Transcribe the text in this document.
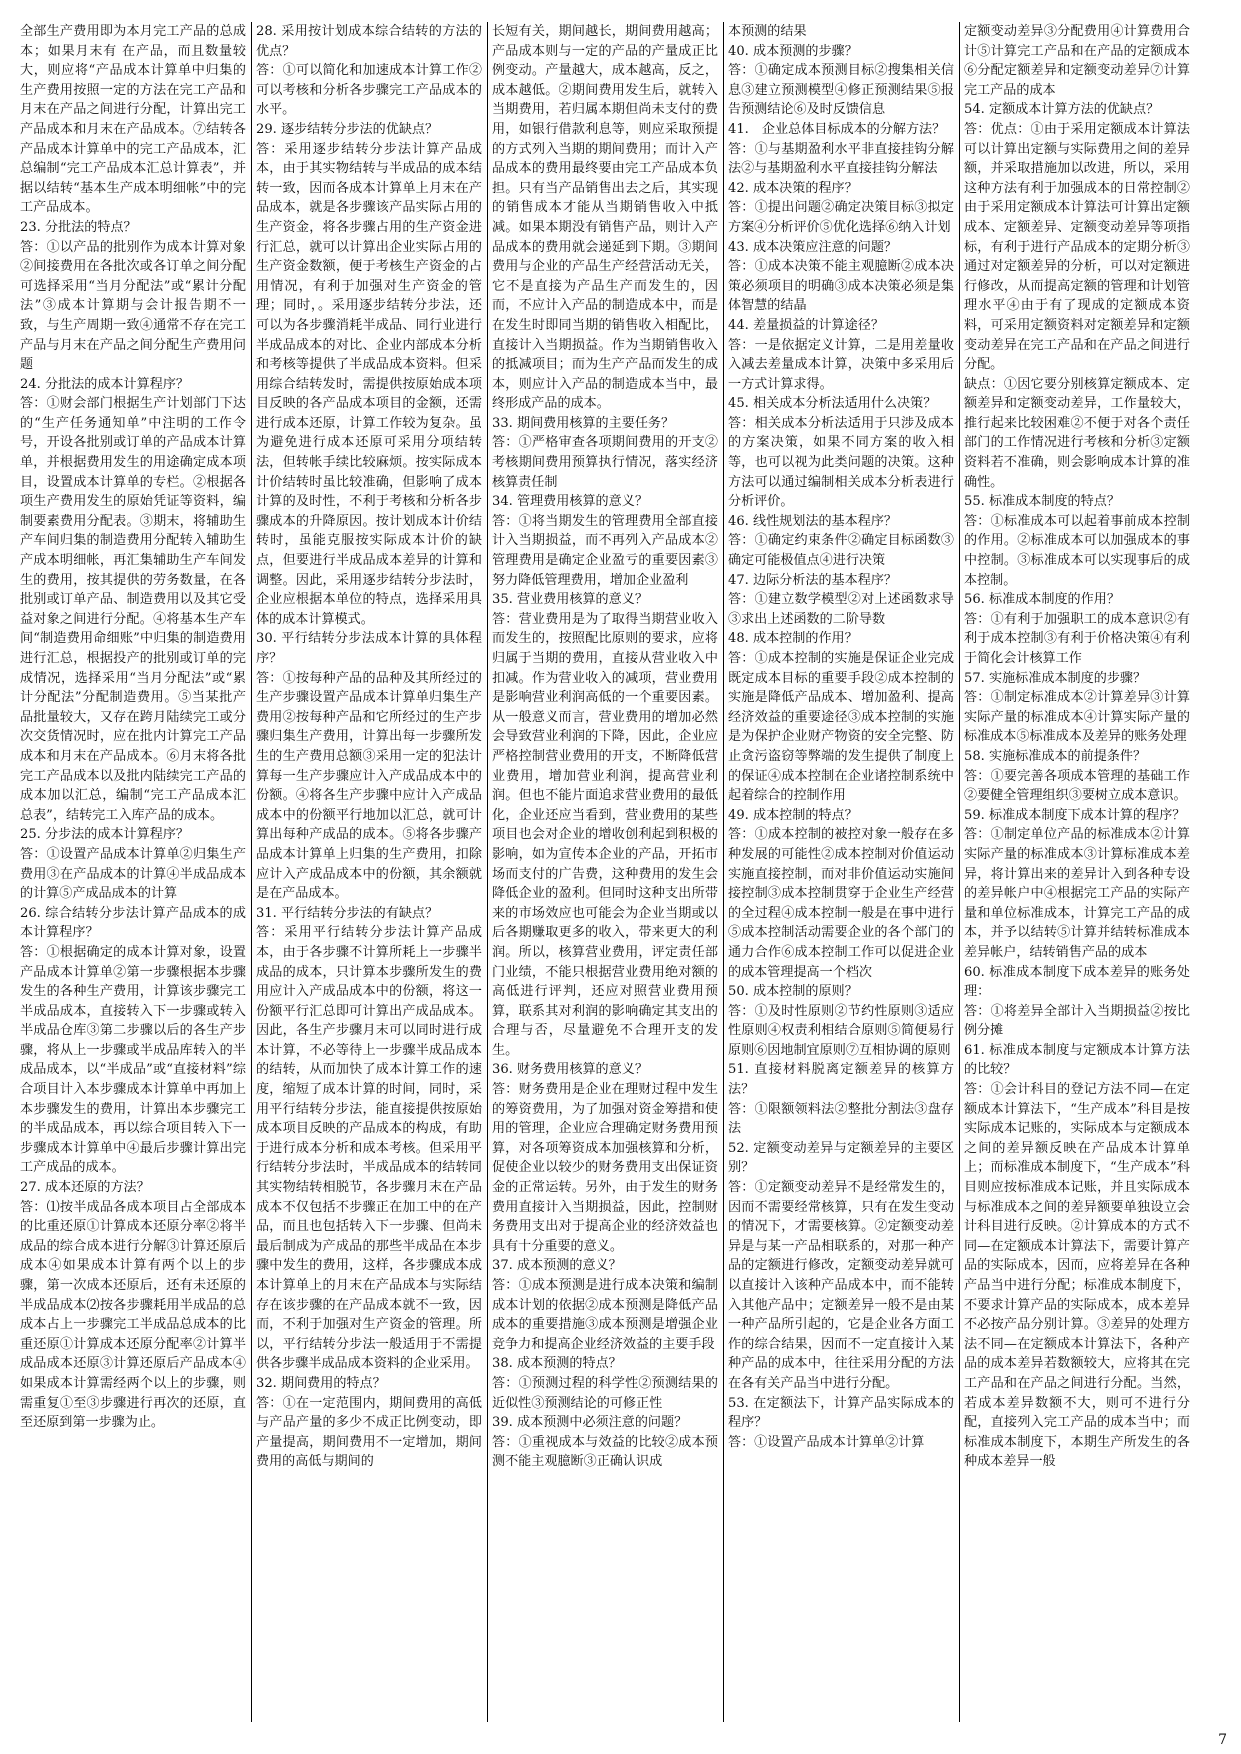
全部生产费用即为本月完工产品的总成本；如果月末有 在产品，而且数量较大，则应将“产品成本计算单中归集的生产费用按照一定的方法在完工产品和月末在产品之间进行分配，计算出完工产品成本和月末在产品成本。⑦结转各产品成本计算单中的完工产品成本，汇总编制“完工产品成本汇总计算表”，并据以结转“基本生产成本明细帐”中的完工产品成本。

23. 分批法的特点？

答：①以产品的批别作为成本计算对象②间接费用在各批次或各订单之间分配可选择采用“当月分配法”或“累计分配法”③成本计算期与会计报告期不一致，与生产周期一致④通常不存在完工产品与月末在产品之间分配生产费用问题

24. 分批法的成本计算程序？

答：①财会部门根据生产计划部门下达的“生产任务通知单”中注明的工作令号，开设各批别或订单的产品成本计算单，并根据费用发生的用途确定成本项目，设置成本计算单的专栏。②根据各项生产费用发生的原始凭证等资料，编制要素费用分配表。③期末，将辅助生产车间归集的制造费用分配转入辅助生产成本明细帐，再汇集辅助生产车间发生的费用，按其提供的劳务数量，在各批别或订单产品、制造费用以及其它受益对象之间进行分配。④将基本生产车间“制造费用命细账”中归集的制造费用进行汇总，根据投产的批别或订单的完成情况，选择采用“当月分配法”或“累计分配法”分配制造费用。⑤当某批产品批量较大，又存在跨月陆续完工或分次交货情况时，应在批内计算完工产品成本和月末在产品成本。⑥月末将各批完工产品成本以及批内陆续完工产品的成本加以汇总，编制“完工产品成本汇总表”，结转完工入库产品的成本。

25. 分步法的成本计算程序？

答：①设置产品成本计算单②归集生产费用③在产品成本的计算④半成品成本的计算⑤产成品成本的计算

26. 综合结转分步法计算产品成本的成本计算程序？

答：①根据确定的成本计算对象，设置产品成本计算单②第一步骤根据本步骤发生的各种生产费用，计算该步骤完工半成品成本，直接转入下一步骤或转入半成品仓库③第二步骤以后的各生产步骤，将从上一步骤或半成品库转入的半成品成本，以“半成品”或“直接材料”综合项目计入本步骤成本计算单中再加上本步骤发生的费用，计算出本步骤完工的半成品成本，再以综合项目转入下一步骤成本计算单中④最后步骤计算出完工产成品的成本。

27. 成本还原的方法？

答：⑴按半成品各成本项目占全部成本的比重还原①计算成本还原分率②将半成品的综合成本进行分解③计算还原后成本④如果成本计算有两个以上的步骤，第一次成本还原后，还有未还原的半成品成本⑵按各步骤耗用半成品的总成本占上一步骤完工半成品总成本的比重还原①计算成本还原分配率②计算半成品成本还原③计算还原后产品成本④如果成本计算需经两个以上的步骤，则需重复①至③步骤进行再次的还原，直至还原到第一步骤为止。

28. 采用按计划成本综合结转的方法的优点？

答：①可以简化和加速成本计算工作②可以考核和分析各步骤完工产品成本的水平。

29. 逐步结转分步法的优缺点？

答：采用逐步结转分步法计算产品成本，由于其实物结转与半成品的成本结转一致，因而各成本计算单上月末在产品成本，就是各步骤该产品实际占用的生产资金，将各步骤占用的生产资金进行汇总，就可以计算出企业实际占用的生产资金数额，便于考核生产资金的占用情况，有利于加强对生产资金的管理；同时，。采用逐步结转分步法，还可以为各步骤消耗半成品、同行业进行半成品成本的对比、企业内部成本分析和考核等提供了半成品成本资料。但采用综合结转发时，需提供按原始成本项目反映的各产品成本项目的金额，还需进行成本还原，计算工作较为复杂。虽为避免进行成本还原可采用分项结转法，但转帐手续比较麻烦。按实际成本计价结转时虽比较准确，但影响了成本计算的及时性，不利于考核和分析各步骤成本的升降原因。按计划成本计价结转时，虽能克服按实际成本计价的缺点，但要进行半成品成本差异的计算和调整。因此，采用逐步结转分步法时，企业应根据本单位的特点，选择采用具体的成本计算模式。

30. 平行结转分步法成本计算的具体程序？

答：①按每种产品的品种及其所经过的生产步骤设置产品成本计算单归集生产费用②按每种产品和它所经过的生产步骤归集生产费用，计算出每一步骤所发生的生产费用总额③采用一定的犯法计算每一生产步骤应计入产成品成本中的份额。④将各生产步骤中应计入产成品成本中的份额平行地加以汇总，就可计算出每种产成品的成本。⑤将各步骤产品成本计算单上归集的生产费用，扣除应计入产成品成本中的份额，其余额就是在产品成本。

31. 平行结转分步法的有缺点？

答：采用平行结转分步法计算产品成本，由于各步骤不计算所耗上一步骤半成品的成本，只计算本步骤所发生的费用应计入产成品成本中的份额，将这一份额平行汇总即可计算出产成品成本。因此，各生产步骤月末可以同时进行成本计算，不必等待上一步骤半成品成本的结转，从而加快了成本计算工作的速度，缩短了成本计算的时间，同时，采用平行结转分步法，能直接提供按原始成本项目反映的产品成本的构成，有助于进行成本分析和成本考核。但采用平行结转分步法时，半成品成本的结转同其实物结转相脱节，各步骤月末在产品成本不仅包括不步骤正在加工中的在产品，而且也包括转入下一步骤、但尚未最后制成为产成品的那些半成品在本步骤中发生的费用，这样，各步骤成本成本计算单上的月末在产品成本与实际结存在该步骤的在产品成本就不一致，因而，不利于加强对生产资金的管理。所以，平行结转分步法一般适用于不需提供各步骤半成品成本资料的企业采用。

32. 期间费用的特点？

答：①在一定范围内，期间费用的高低与产品产量的多少不成正比例变动，即产量提高，期间费用不一定增加，期间费用的高低与期间的

长短有关，期间越长，期间费用越高；产品成本则与一定的产品的产量成正比例变动。产量越大，成本越高，反之，成本越低。②期间费用发生后，就转入当期费用，若归属本期但尚未支付的费用，如银行借款利息等，则应采取预提的方式列入当期的期间费用；而计入产品成本的费用最终要由完工产品成本负担。只有当产品销售出去之后，其实现的销售成本才能从当期销售收入中抵减。如果本期没有销售产品，则计入产品成本的费用就会递延到下期。③期间费用与企业的产品生产经营活动无关，它不是直接为产品生产而发生的，因而，不应计入产品的制造成本中，而是在发生时即同当期的销售收入相配比，直接计入当期损益。作为当期销售收入的抵减项目；而为生产产品而发生的成本，则应计入产品的制造成本当中，最终形成产品的成本。

33. 期间费用核算的主要任务？

答：①严格审查各项期间费用的开支②考核期间费用预算执行情况，落实经济核算责任制

34. 管理费用核算的意义？

答：①将当期发生的管理费用全部直接计入当期损益，而不再列入产品成本②管理费用是确定企业盈亏的重要因素③努力降低管理费用，增加企业盈利

35. 营业费用核算的意义？

答：营业费用是为了取得当期营业收入而发生的，按照配比原则的要求，应将归属于当期的费用，直接从营业收入中扣减。作为营业收入的减项，营业费用是影响营业利润高低的一个重要因素。从一般意义而言，营业费用的增加必然会导致营业利润的下降，因此，企业应严格控制营业费用的开支，不断降低营业费用，增加营业利润，提高营业利润。但也不能片面追求营业费用的最低化，企业还应当看到，营业费用的某些项目也会对企业的增收创利起到积极的影响，如为宣传本企业的产品，开拓市场而支付的广告费，这种费用的发生会降低企业的盈利。但同时这种支出所带来的市场效应也可能会为企业当期或以后各期赚取更多的收入，带来更大的利润。所以，核算营业费用，评定责任部门业绩，不能只根据营业费用绝对额的高低进行评判，还应对照营业费用预算，联系其对利润的影响确定其支出的合理与否，尽量避免不合理开支的发生。

36. 财务费用核算的意义？

答：财务费用是企业在理财过程中发生的筹资费用，为了加强对资金筹措和使用的管理，企业应合理确定财务费用预算，对各项筹资成本加强核算和分析，促使企业以较少的财务费用支出保证资金的正常运转。另外，由于发生的财务费用直接计入当期损益，因此，控制财务费用支出对于提高企业的经济效益也具有十分重要的意义。

37. 成本预测的意义？

答：①成本预测是进行成本决策和编制成本计划的依据②成本预测是降低产品成本的重要措施③成本预测是增强企业竞争力和提高企业经济效益的主要手段

38. 成本预测的特点？

答：①预测过程的科学性②预测结果的近似性③预测结论的可修正性

39. 成本预测中必须注意的问题？

答：①重视成本与效益的比较②成本预测不能主观臆断③正确认识成

本预测的结果

40. 成本预测的步骤？

答：①确定成本预测目标②搜集相关信息③建立预测模型④修正预测结果⑤报告预测结论⑥及时反馈信息

41.　企业总体目标成本的分解方法？

答：①与基期盈利水平非直接挂钩分解法②与基期盈利水平直接挂钩分解法

42. 成本决策的程序？

答：①提出问题②确定决策目标③拟定方案④分析评价⑤优化选择⑥纳入计划

43. 成本决策应注意的问题？

答：①成本决策不能主观臆断②成本决策必须项目的明确③成本决策必须是集体智慧的结晶

44. 差量损益的计算途径？

答：一是依据定义计算，二是用差量收入减去差量成本计算，决策中多采用后一方式计算求得。

45. 相关成本分析法适用什么决策？

答：相关成本分析法适用于只涉及成本的方案决策，如果不同方案的收入相等，也可以视为此类问题的决策。这种方法可以通过编制相关成本分析表进行分析评价。

46. 线性规划法的基本程序？

答：①确定约束条件②确定目标函数③确定可能极值点④进行决策

47. 边际分析法的基本程序？

答：①建立数学模型②对上述函数求导③求出上述函数的二阶导数

48. 成本控制的作用？

答：①成本控制的实施是保证企业完成既定成本目标的重要手段②成本控制的实施是降低产品成本、增加盈利、提高经济效益的重要途径③成本控制的实施是为保护企业财产物资的安全完整、防止贪污盗窃等弊端的发生提供了制度上的保证④成本控制在企业诸控制系统中起着综合的控制作用

49. 成本控制的特点？

答：①成本控制的被控对象一般存在多种发展的可能性②成本控制对价值运动实施直接控制，而对非价值运动实施间接控制③成本控制贯穿于企业生产经营的全过程④成本控制一般是在事中进行⑤成本控制活动需要企业的各个部门的通力合作⑥成本控制工作可以促进企业的成本管理提高一个档次

50. 成本控制的原则？

答：①及时性原则②节约性原则③适应性原则④权责利相结合原则⑤简便易行原则⑥因地制宜原则⑦互相协调的原则

51. 直接材料脱离定额差异的核算方法？

答：①限额领料法②整批分割法③盘存法

52. 定额变动差异与定额差异的主要区别？

答：①定额变动差异不是经常发生的，因而不需要经常核算，只有在发生变动的情况下，才需要核算。②定额变动差异是与某一产品相联系的，对那一种产品的定额进行修改，定额变动差异就可以直接计入该种产品成本中，而不能转入其他产品中；定额差异一般不是由某一种产品所引起的，它是企业各方面工作的综合结果，因而不一定直接计入某种产品的成本中，往往采用分配的方法在各有关产品当中进行分配。

53. 在定额法下，计算产品实际成本的程序？

答：①设置产品成本计算单②计算

定额变动差异③分配费用④计算费用合计⑤计算完工产品和在产品的定额成本⑥分配定额差异和定额变动差异⑦计算完工产品的成本

54. 定额成本计算方法的优缺点？

答：优点：①由于采用定额成本计算法可以计算出定额与实际费用之间的差异额，并采取措施加以改进，所以，采用这种方法有利于加强成本的日常控制②由于采用定额成本计算法可计算出定额成本、定额差异、定额变动差异等项指标，有利于进行产品成本的定期分析③通过对定额差异的分析，可以对定额进行修改，从而提高定额的管理和计划管理水平④由于有了现成的定额成本资料，可采用定额资料对定额差异和定额变动差异在完工产品和在产品之间进行分配。

缺点：①因它要分别核算定额成本、定额差异和定额变动差异，工作量较大，推行起来比较困难②不便于对各个责任部门的工作情况进行考核和分析③定额资料若不准确，则会影响成本计算的准确性。

55. 标准成本制度的特点？

答：①标准成本可以起着事前成本控制的作用。②标准成本可以加强成本的事中控制。③标准成本可以实现事后的成本控制。

56. 标准成本制度的作用？

答：①有利于加强职工的成本意识②有利于成本控制③有利于价格决策④有利于简化会计核算工作

57. 实施标准成本制度的步骤？

答：①制定标准成本②计算差异③计算实际产量的标准成本④计算实际产量的标准成本⑤标准成本及差异的账务处理

58. 实施标准成本的前提条件？

答：①要完善各项成本管理的基础工作②要健全管理组织③要树立成本意识。

59. 标准成本制度下成本计算的程序？

答：①制定单位产品的标准成本②计算实际产量的标准成本③计算标准成本差异，将计算出来的差异计入到各种专设的差异帐户中④根据完工产品的实际产量和单位标准成本，计算完工产品的成本，并予以结转⑤计算并结转标准成本差异帐户，结转销售产品的成本

60. 标准成本制度下成本差异的账务处理：

答：①将差异全部计入当期损益②按比例分摊

61. 标准成本制度与定额成本计算方法的比较？

答：①会计科目的登记方法不同—在定额成本计算法下，“生产成本”科目是按实际成本记账的，实际成本与定额成本之间的差异额反映在产品成本计算单上；而标准成本制度下，“生产成本”科目则应按标准成本记账，并且实际成本与标准成本之间的差异额要单独设立会计科目进行反映。②计算成本的方式不同—在定额成本计算法下，需要计算产品的实际成本，因而，应将差异在各种产品当中进行分配；标准成本制度下，不要求计算产品的实际成本，成本差异不必按产品分别计算。③差异的处理方法不同—在定额成本计算法下，各种产品的成本差异若数额较大，应将其在完工产品和在产品之间进行分配。当然，若成本差异数额不大，则可不进行分配，直接列入完工产品的成本当中；而标准成本制度下，本期生产所发生的各种成本差异一般

7
